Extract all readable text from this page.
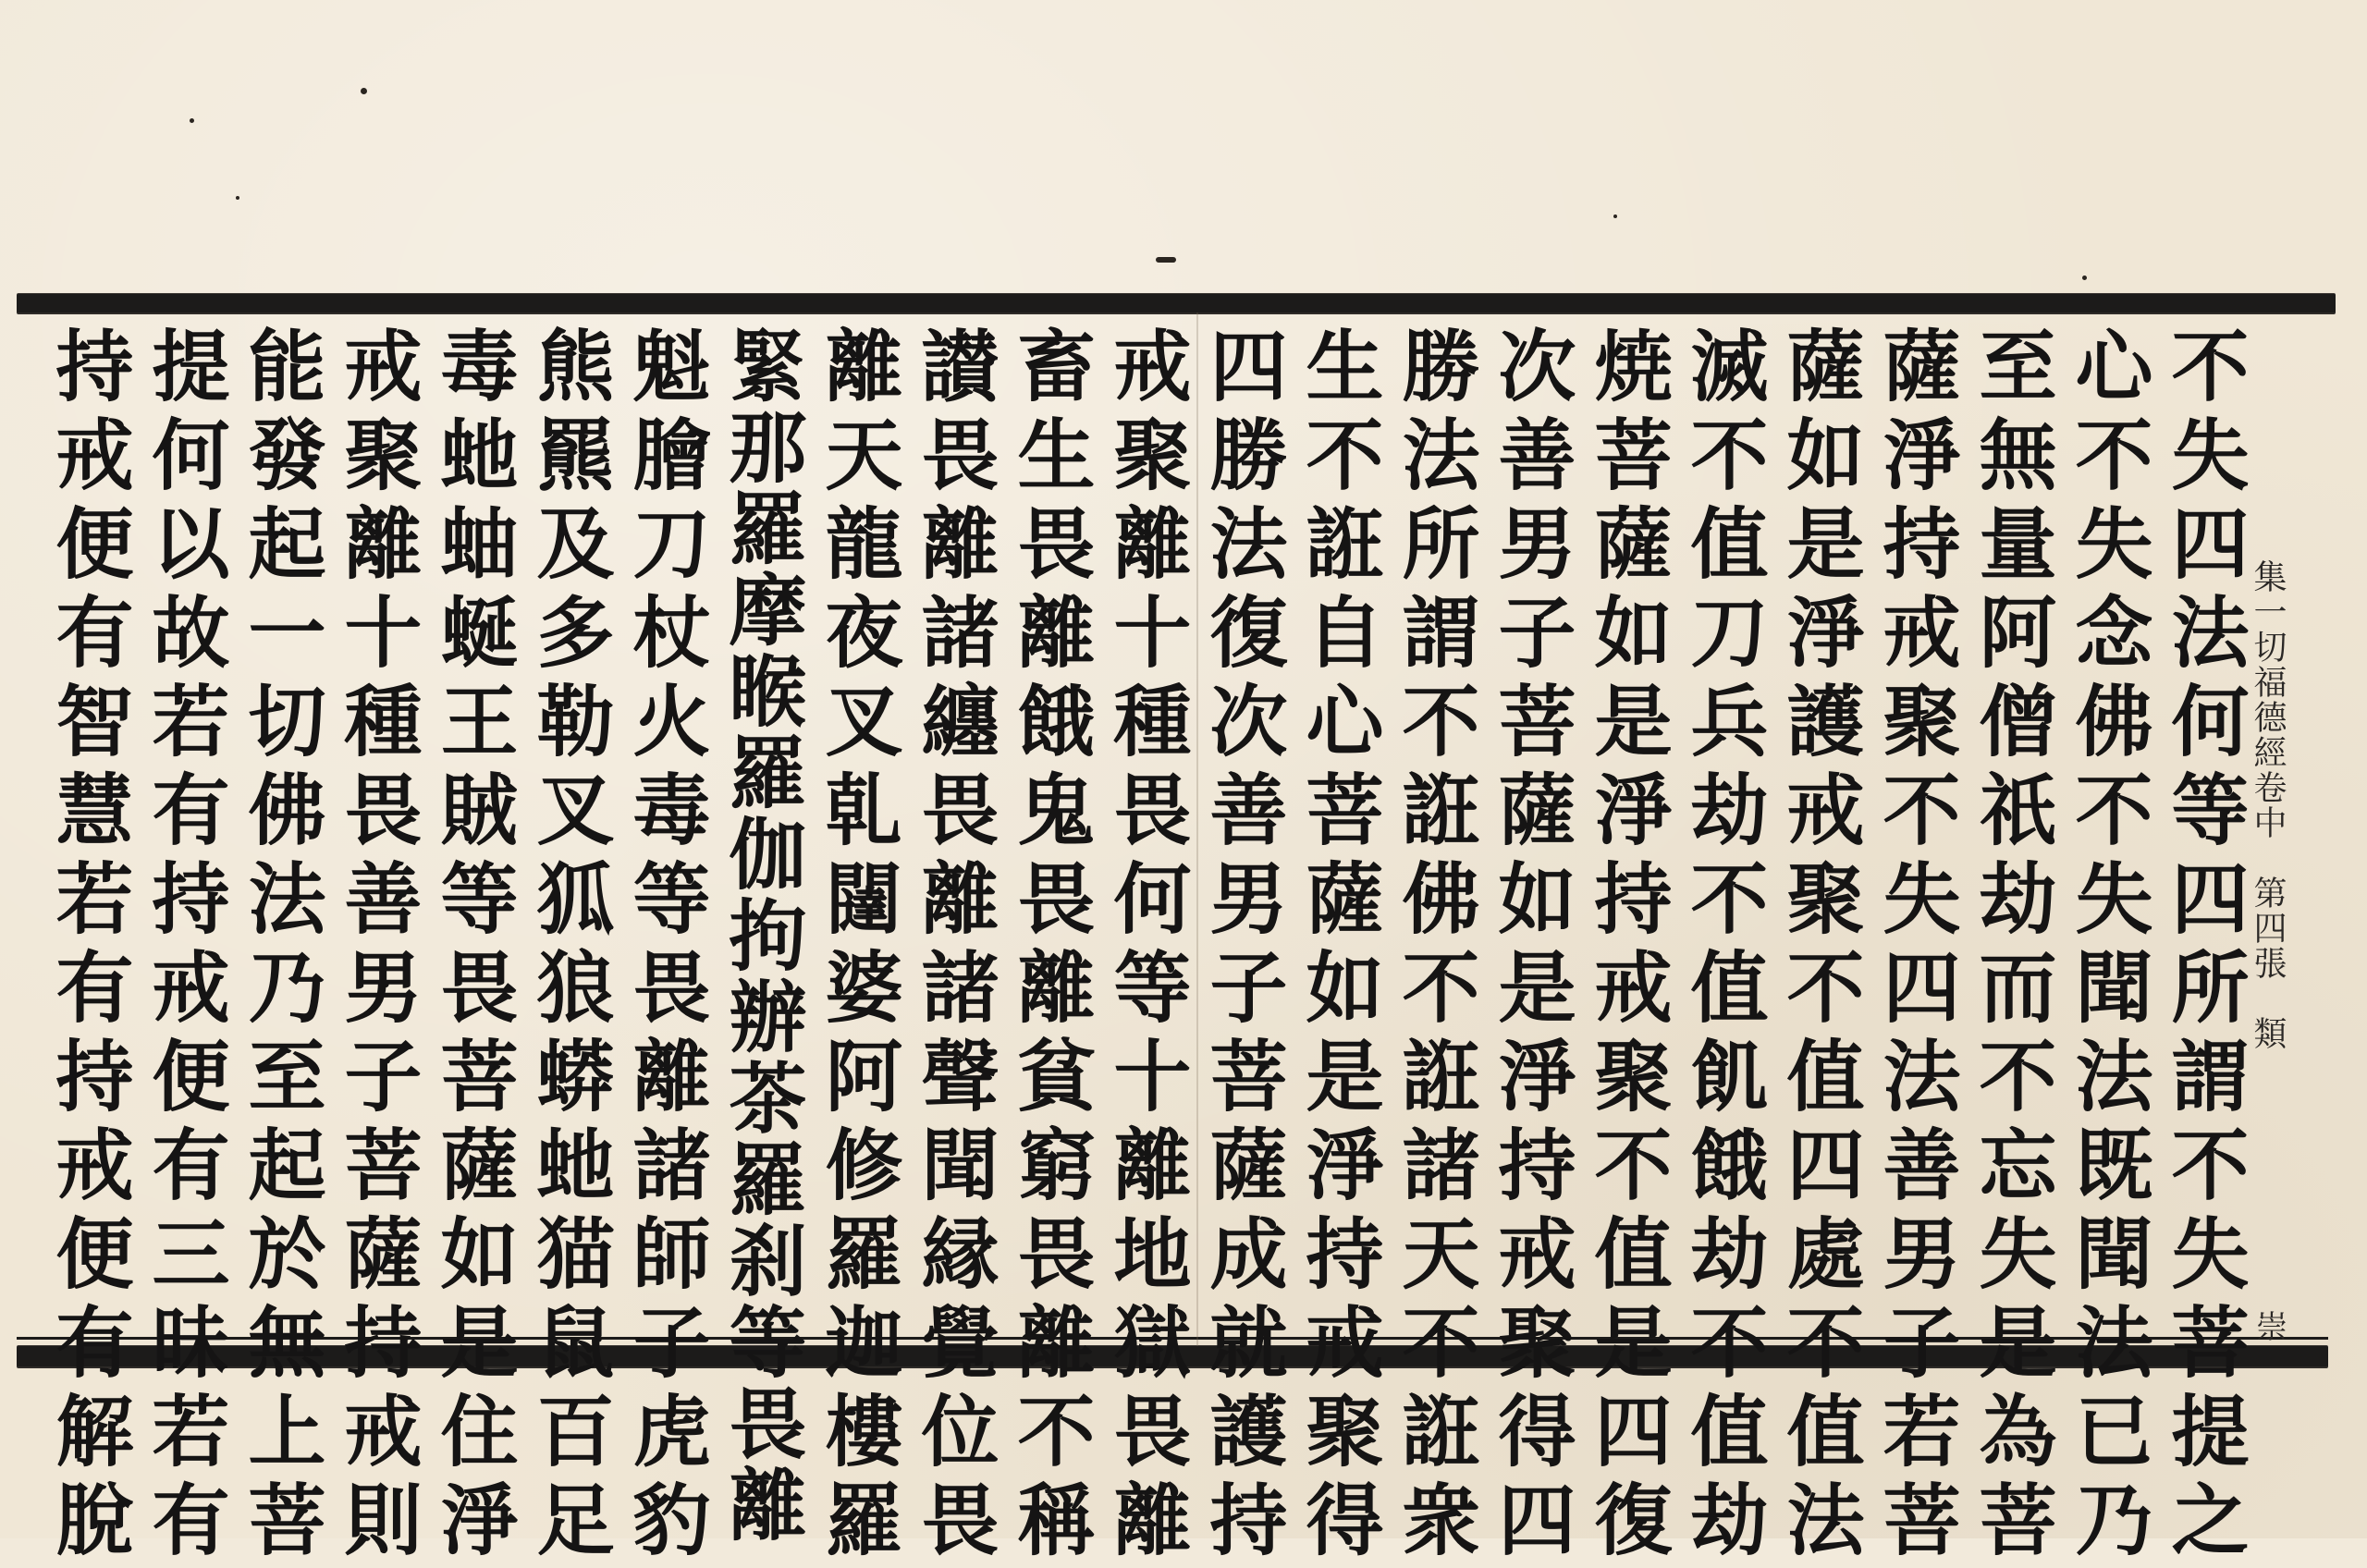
不失四法何等四所謂不失菩提之
心不失念佛不失聞法既聞法已乃
至無量阿僧祇劫而不忘失是為菩
薩淨持戒聚不失四法善男子若菩
薩如是淨護戒聚不值四處不值法
滅不值刀兵劫不值飢餓劫不值劫
焼菩薩如是淨持戒聚不值是四復
次善男子菩薩如是淨持戒聚得四
勝法所謂不誑佛不誑諸天不誑衆
生不誑自心菩薩如是淨持戒聚得
四勝法復次善男子菩薩成就護持
戒聚離十種畏何等十離地獄畏離
畜生畏離餓鬼畏離貧窮畏離不稱
讃畏離諸纏畏離諸聲聞縁覺位畏
離天龍夜叉乹闥婆阿修羅迦樓羅
緊那羅摩睺羅伽拘辦茶羅刹等畏離
魁膾刀杖火毒等畏離諸師子虎豹
熊羆及多勒叉狐狼蟒虵猫鼠百足
毒虵蚰蜒王賊等畏菩薩如是住淨
戒聚離十種畏善男子菩薩持戒則
能發起一切佛法乃至起於無上菩
提何以故若有持戒便有三昧若有
持戒便有智慧若有持戒便有解脫	集一切福德經卷中　第四張　類
崇
